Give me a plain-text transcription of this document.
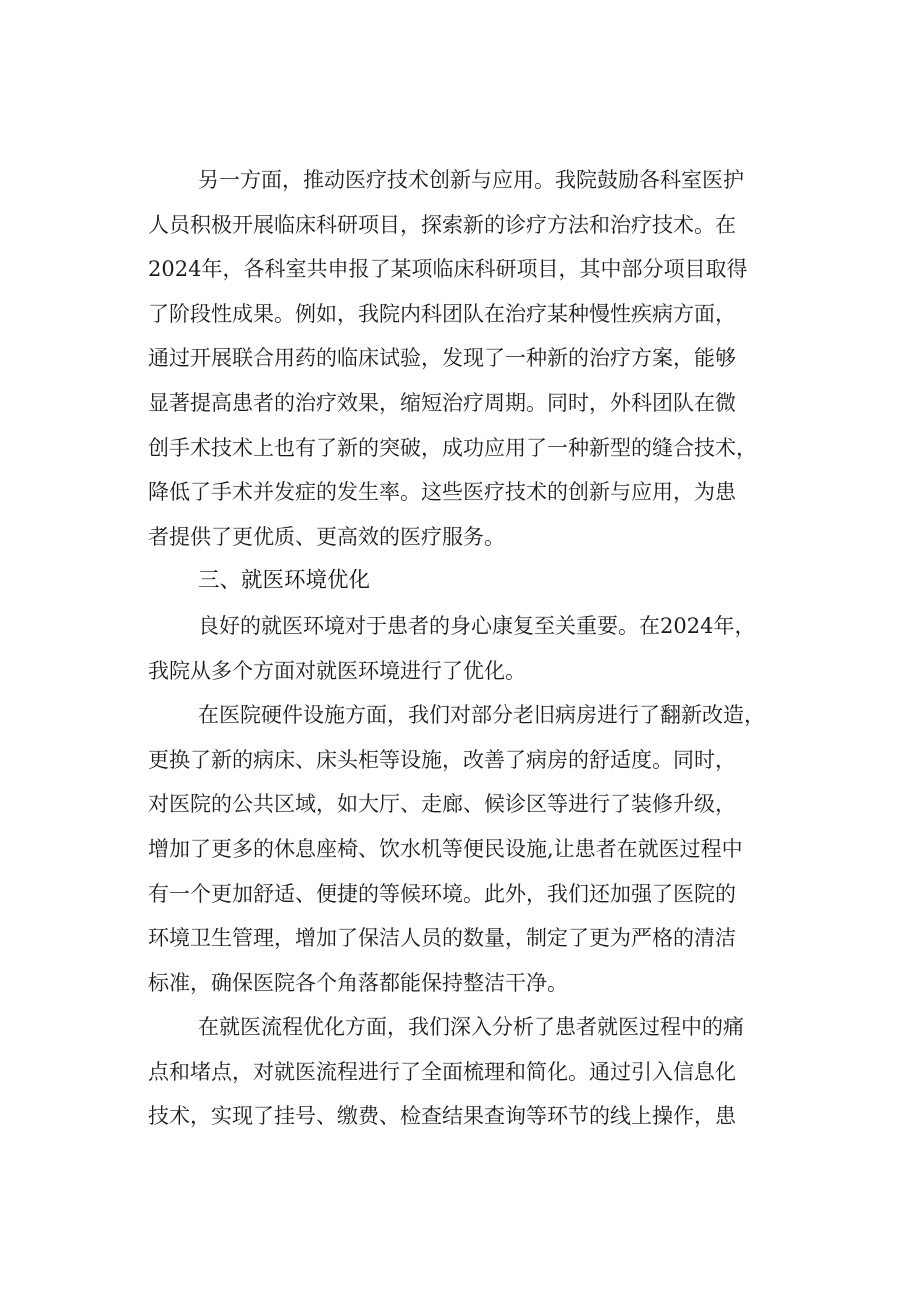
另一方面，推动医疗技术创新与应用。我院鼓励各科室医护
人员积极开展临床科研项目，探索新的诊疗方法和治疗技术。在
2024年，各科室共申报了某项临床科研项目，其中部分项目取得
了阶段性成果。例如，我院内科团队在治疗某种慢性疾病方面，
通过开展联合用药的临床试验，发现了一种新的治疗方案，能够
显著提高患者的治疗效果，缩短治疗周期。同时，外科团队在微
创手术技术上也有了新的突破，成功应用了一种新型的缝合技术，
降低了手术并发症的发生率。这些医疗技术的创新与应用，为患
者提供了更优质、更高效的医疗服务。
三、就医环境优化
良好的就医环境对于患者的身心康复至关重要。在2024年，
我院从多个方面对就医环境进行了优化。
在医院硬件设施方面，我们对部分老旧病房进行了翻新改造，
更换了新的病床、床头柜等设施，改善了病房的舒适度。同时，
对医院的公共区域，如大厅、走廊、候诊区等进行了装修升级，
增加了更多的休息座椅、饮水机等便民设施,让患者在就医过程中
有一个更加舒适、便捷的等候环境。此外，我们还加强了医院的
环境卫生管理，增加了保洁人员的数量，制定了更为严格的清洁
标准，确保医院各个角落都能保持整洁干净。
在就医流程优化方面，我们深入分析了患者就医过程中的痛
点和堵点，对就医流程进行了全面梳理和简化。通过引入信息化
技术，实现了挂号、缴费、检查结果查询等环节的线上操作，患
